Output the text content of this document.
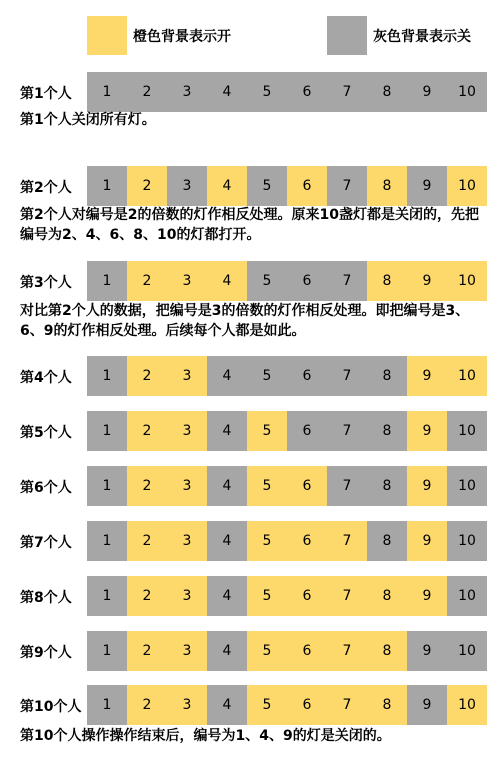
橙色背景表示开	灰色背景表示关
第1个人	1	2	3	4	5	6	7	8	9	10
第2个人	1	2	3	4	5	6	7	8	9	10
第3个人	1	2	3	4	5	6	7	8	9	10
第4个人	1	2	3	4	5	6	7	8	9	10
第5个人	1	2	3	4	5	6	7	8	9	10
第6个人	1	2	3	4	5	6	7	8	9	10
第7个人	1	2	3	4	5	6	7	8	9	10
第8个人	1	2	3	4	5	6	7	8	9	10
第9个人	1	2	3	4	5	6	7	8	9	10
第10个人	1	2	3	4	5	6	7	8	9	10
第1个人关闭所有灯。
第2个人对编号是2的倍数的灯作相反处理。原来10盏灯都是关闭的，先把编号为2、4、6、8、10的灯都打开。
对比第2个人的数据，把编号是3的倍数的灯作相反处理。即把编号是3、6、9的灯作相反处理。后续每个人都是如此。
第10个人操作操作结束后，编号为1、4、9的灯是关闭的。
